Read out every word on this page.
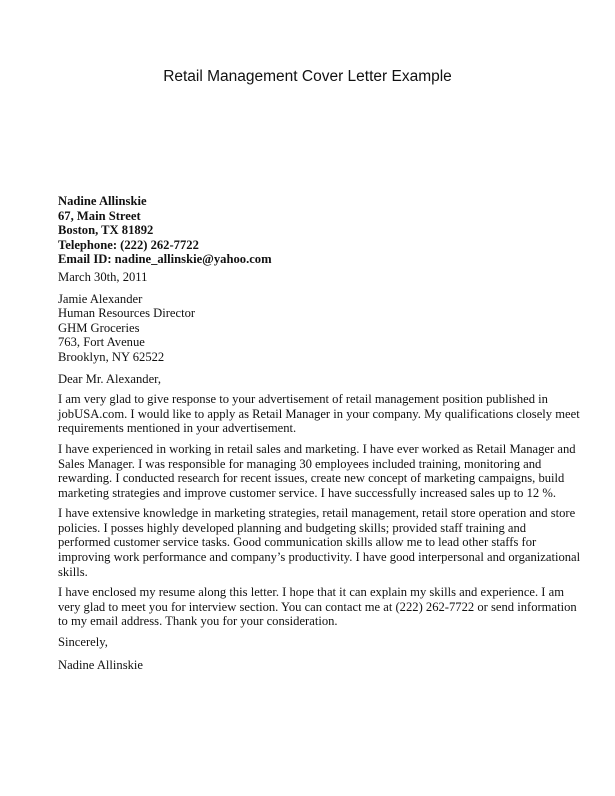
Retail Management Cover Letter Example
Nadine Allinskie
67, Main Street
Boston, TX 81892
Telephone: (222) 262-7722
Email ID: nadine_allinskie@yahoo.com
March 30th, 2011
Jamie Alexander
Human Resources Director
GHM Groceries
763, Fort Avenue
Brooklyn, NY 62522
Dear Mr. Alexander,
I am very glad to give response to your advertisement of retail management position published in
jobUSA.com. I would like to apply as Retail Manager in your company. My qualifications closely meet
requirements mentioned in your advertisement.
I have experienced in working in retail sales and marketing. I have ever worked as Retail Manager and
Sales Manager. I was responsible for managing 30 employees included training, monitoring and
rewarding. I conducted research for recent issues, create new concept of marketing campaigns, build
marketing strategies and improve customer service. I have successfully increased sales up to 12 %.
I have extensive knowledge in marketing strategies, retail management, retail store operation and store
policies. I posses highly developed planning and budgeting skills; provided staff training and
performed customer service tasks. Good communication skills allow me to lead other staffs for
improving work performance and company’s productivity. I have good interpersonal and organizational
skills.
I have enclosed my resume along this letter. I hope that it can explain my skills and experience. I am
very glad to meet you for interview section. You can contact me at (222) 262-7722 or send information
to my email address. Thank you for your consideration.
Sincerely,
Nadine Allinskie
